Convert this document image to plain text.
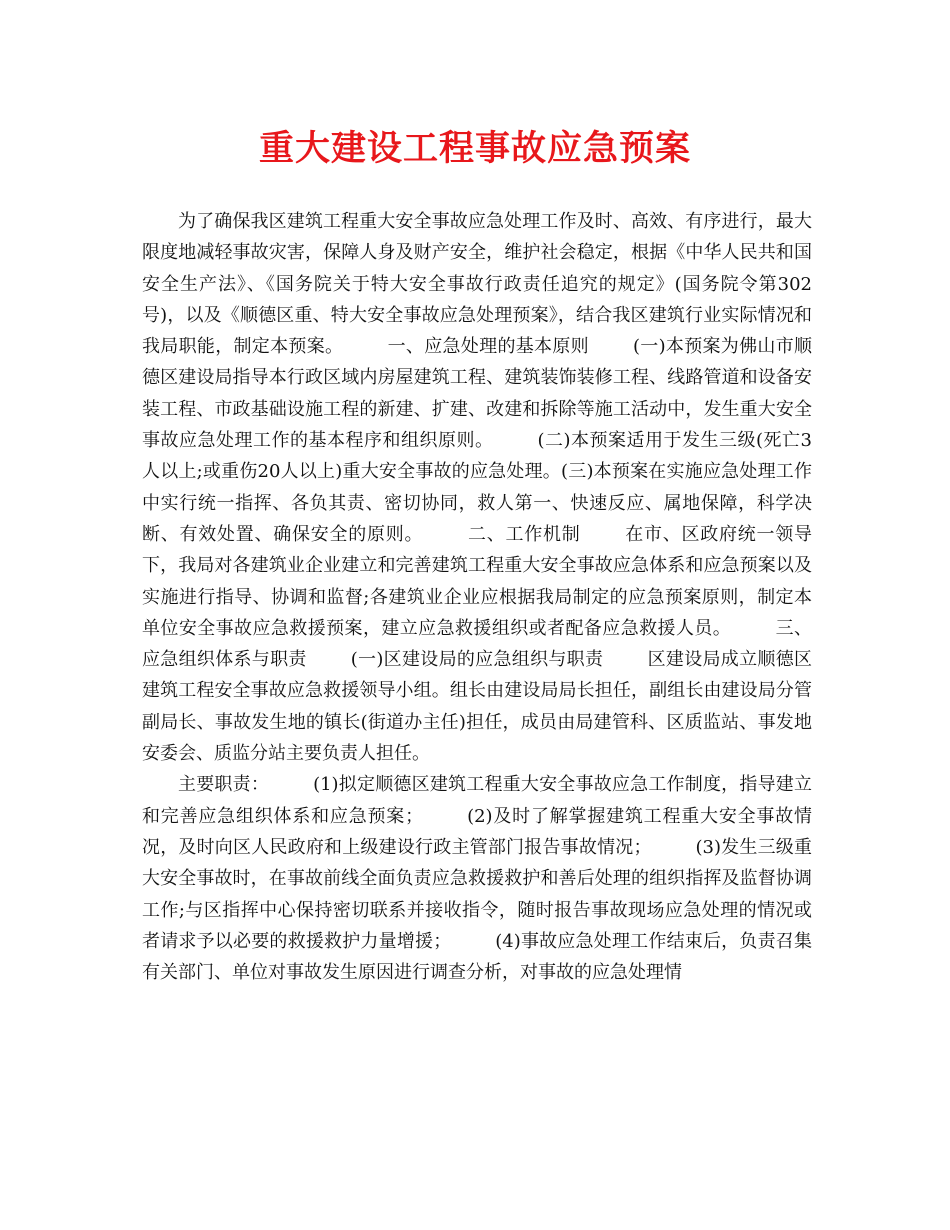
重大建设工程事故应急预案

为了确保我区建筑工程重大安全事故应急处理工作及时、高效、有序进行，最大限度地减轻事故灾害，保障人身及财产安全，维护社会稳定，根据《中华人民共和国安全生产法》、《国务院关于特大安全事故行政责任追究的规定》(国务院令第302号)，以及《顺德区重、特大安全事故应急处理预案》，结合我区建筑行业实际情况和我局职能，制定本预案。 一、应急处理的基本原则 (一)本预案为佛山市顺德区建设局指导本行政区域内房屋建筑工程、建筑装饰装修工程、线路管道和设备安装工程、市政基础设施工程的新建、扩建、改建和拆除等施工活动中，发生重大安全事故应急处理工作的基本程序和组织原则。 (二)本预案适用于发生三级(死亡3人以上;或重伤20人以上)重大安全事故的应急处理。(三)本预案在实施应急处理工作中实行统一指挥、各负其责、密切协同，救人第一、快速反应、属地保障，科学决断、有效处置、确保安全的原则。 二、工作机制 在市、区政府统一领导下，我局对各建筑业企业建立和完善建筑工程重大安全事故应急体系和应急预案以及实施进行指导、协调和监督;各建筑业企业应根据我局制定的应急预案原则，制定本单位安全事故应急救援预案，建立应急救援组织或者配备应急救援人员。 三、应急组织体系与职责 (一)区建设局的应急组织与职责 区建设局成立顺德区建筑工程安全事故应急救援领导小组。组长由建设局局长担任，副组长由建设局分管副局长、事故发生地的镇长(街道办主任)担任，成员由局建管科、区质监站、事发地安委会、质监分站主要负责人担任。

主要职责： (1)拟定顺德区建筑工程重大安全事故应急工作制度，指导建立和完善应急组织体系和应急预案； (2)及时了解掌握建筑工程重大安全事故情况，及时向区人民政府和上级建设行政主管部门报告事故情况； (3)发生三级重大安全事故时，在事故前线全面负责应急救援救护和善后处理的组织指挥及监督协调工作;与区指挥中心保持密切联系并接收指令，随时报告事故现场应急处理的情况或者请求予以必要的救援救护力量增援； (4)事故应急处理工作结束后，负责召集有关部门、单位对事故发生原因进行调查分析，对事故的应急处理情
